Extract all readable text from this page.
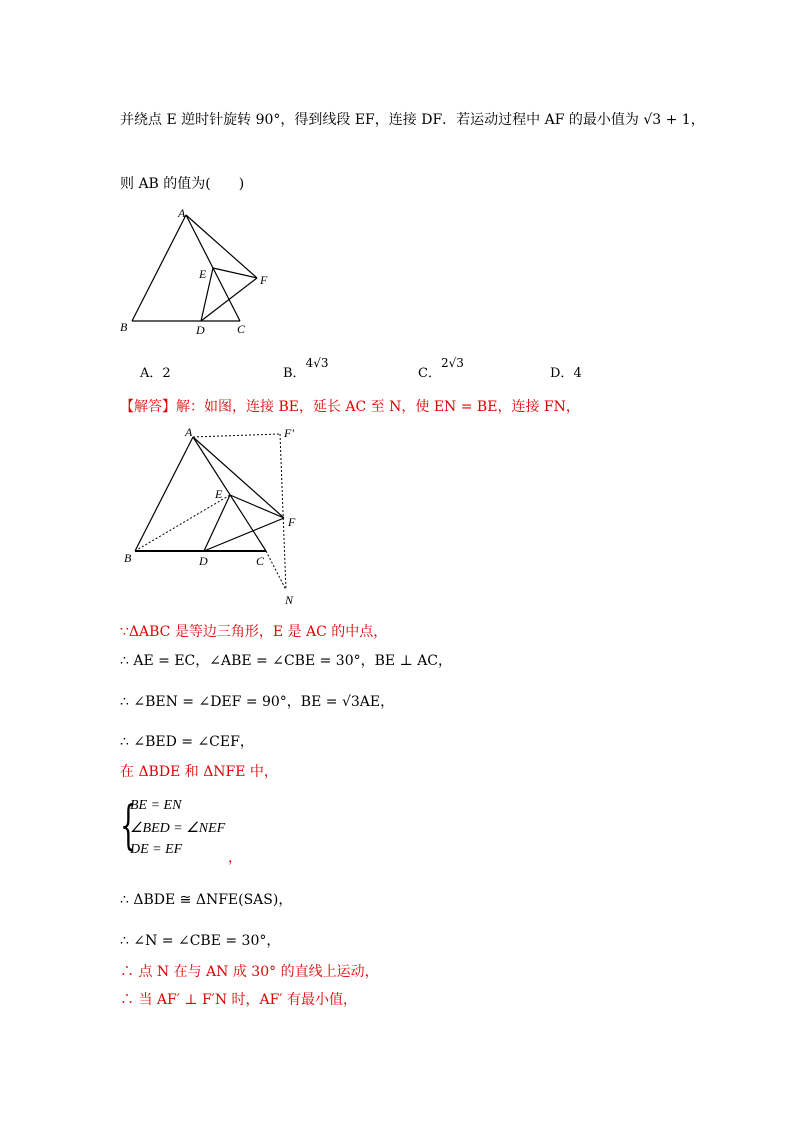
并绕点 E 逆时针旋转 90°，得到线段 EF，连接 DF．若运动过程中 AF 的最小值为 √3 + 1，
则 AB 的值为(　　)
A
B	C
D
E	F
A．2	B．4√3
C．2√3
D．4
【解答】解：如图，连接 BE，延长 AC 至 N，使 EN = BE，连接 FN，
A	F'
E
F
B	D	C
N
∵ΔABC 是等边三角形，E 是 AC 的中点，
∴ AE = EC，∠ABE = ∠CBE = 30°，BE ⊥ AC，
∴ ∠BEN = ∠DEF = 90°，BE = √3AE，
∴ ∠BED = ∠CEF，
在 ΔBDE 和 ΔNFE 中，
{
BE = EN
∠BED = ∠NEF
DE = EF
，
∴ ΔBDE ≅ ΔNFE(SAS)，
∴ ∠N = ∠CBE = 30°，
∴ 点 N 在与 AN 成 30° 的直线上运动，
∴ 当 AF′ ⊥ F′N 时，AF′ 有最小值，
